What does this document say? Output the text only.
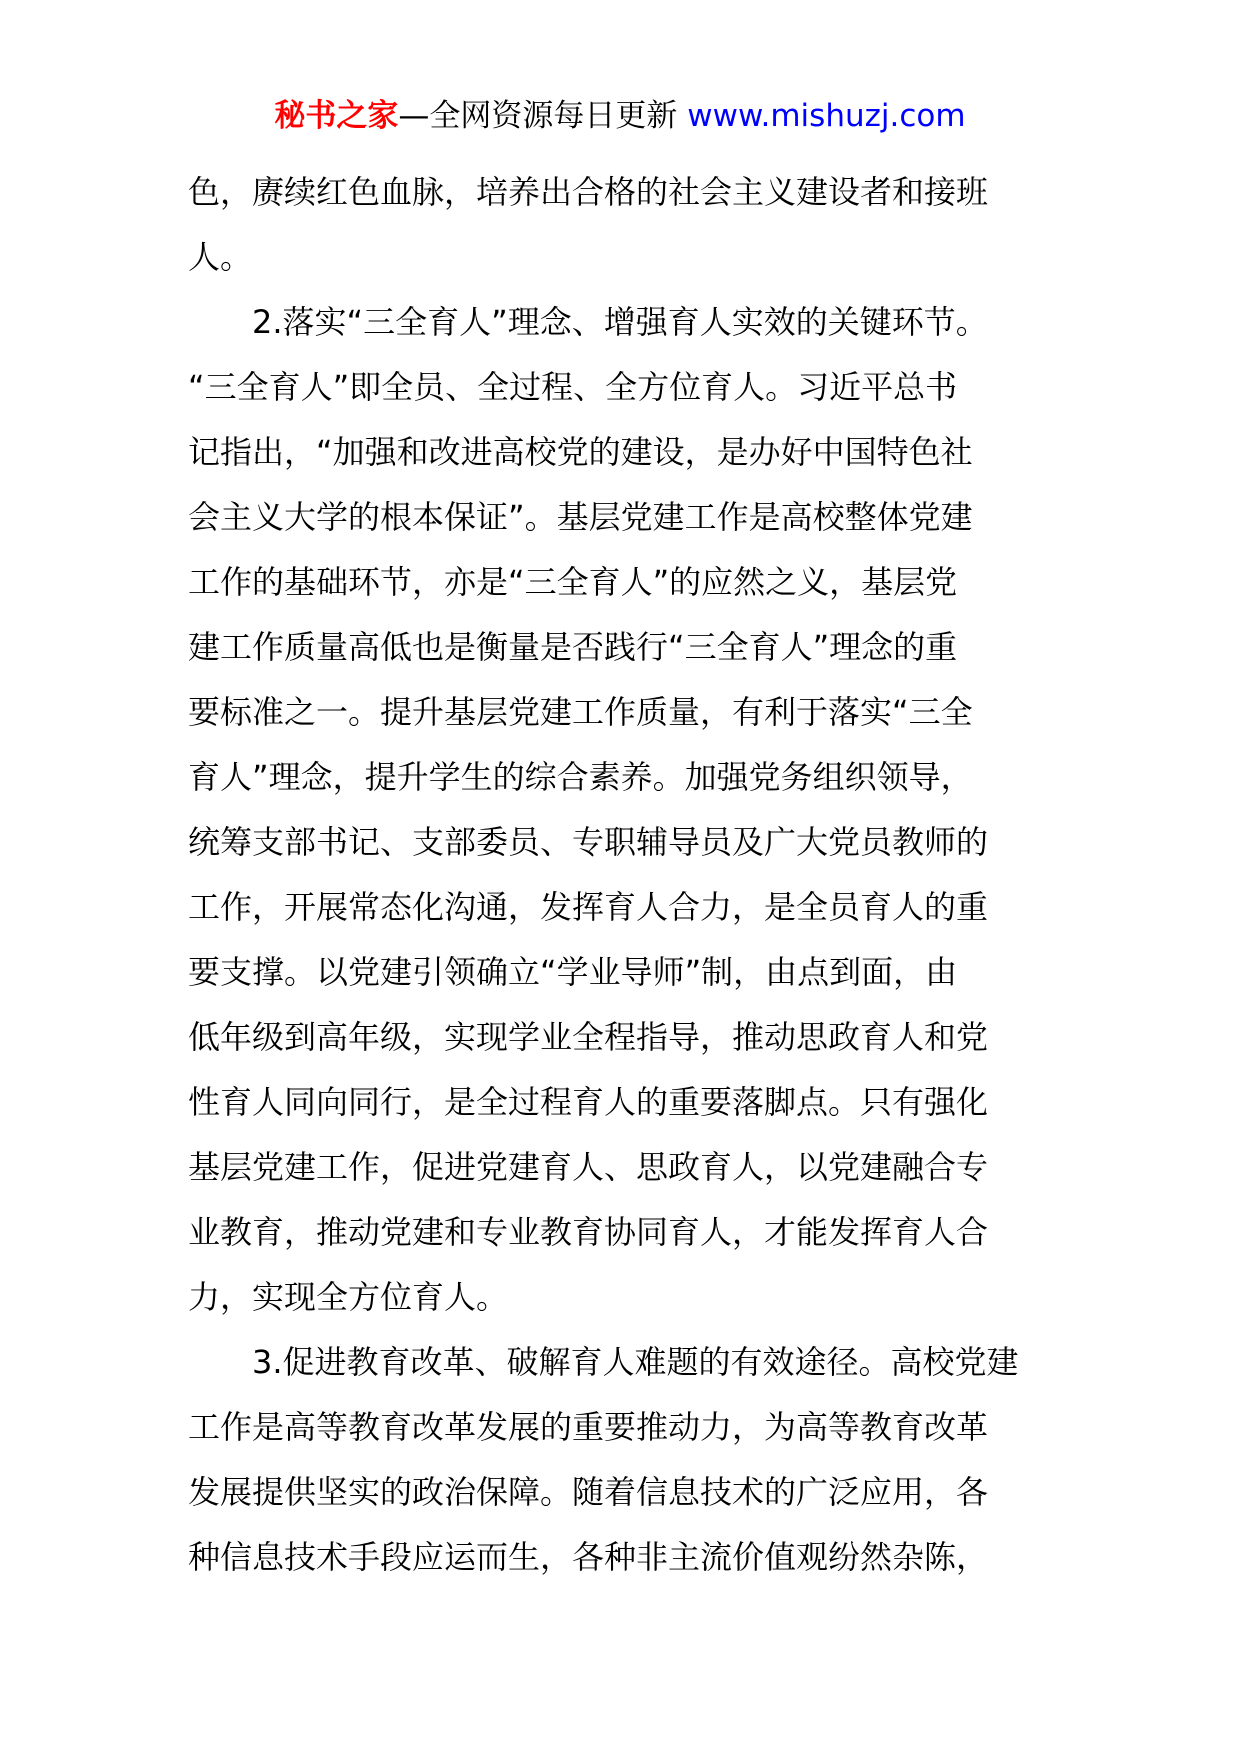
秘书之家—全网资源每日更新 www.mishuzj.com
色，赓续红色血脉，培养出合格的社会主义建设者和接班
人。
2.落实“三全育人”理念、增强育人实效的关键环节。
“三全育人”即全员、全过程、全方位育人。习近平总书
记指出，“加强和改进高校党的建设，是办好中国特色社
会主义大学的根本保证”。基层党建工作是高校整体党建
工作的基础环节，亦是“三全育人”的应然之义，基层党
建工作质量高低也是衡量是否践行“三全育人”理念的重
要标准之一。提升基层党建工作质量，有利于落实“三全
育人”理念，提升学生的综合素养。加强党务组织领导，
统筹支部书记、支部委员、专职辅导员及广大党员教师的
工作，开展常态化沟通，发挥育人合力，是全员育人的重
要支撑。以党建引领确立“学业导师”制，由点到面，由
低年级到高年级，实现学业全程指导，推动思政育人和党
性育人同向同行，是全过程育人的重要落脚点。只有强化
基层党建工作，促进党建育人、思政育人，以党建融合专
业教育，推动党建和专业教育协同育人，才能发挥育人合
力，实现全方位育人。
3.促进教育改革、破解育人难题的有效途径。高校党建
工作是高等教育改革发展的重要推动力，为高等教育改革
发展提供坚实的政治保障。随着信息技术的广泛应用，各
种信息技术手段应运而生，各种非主流价值观纷然杂陈，
